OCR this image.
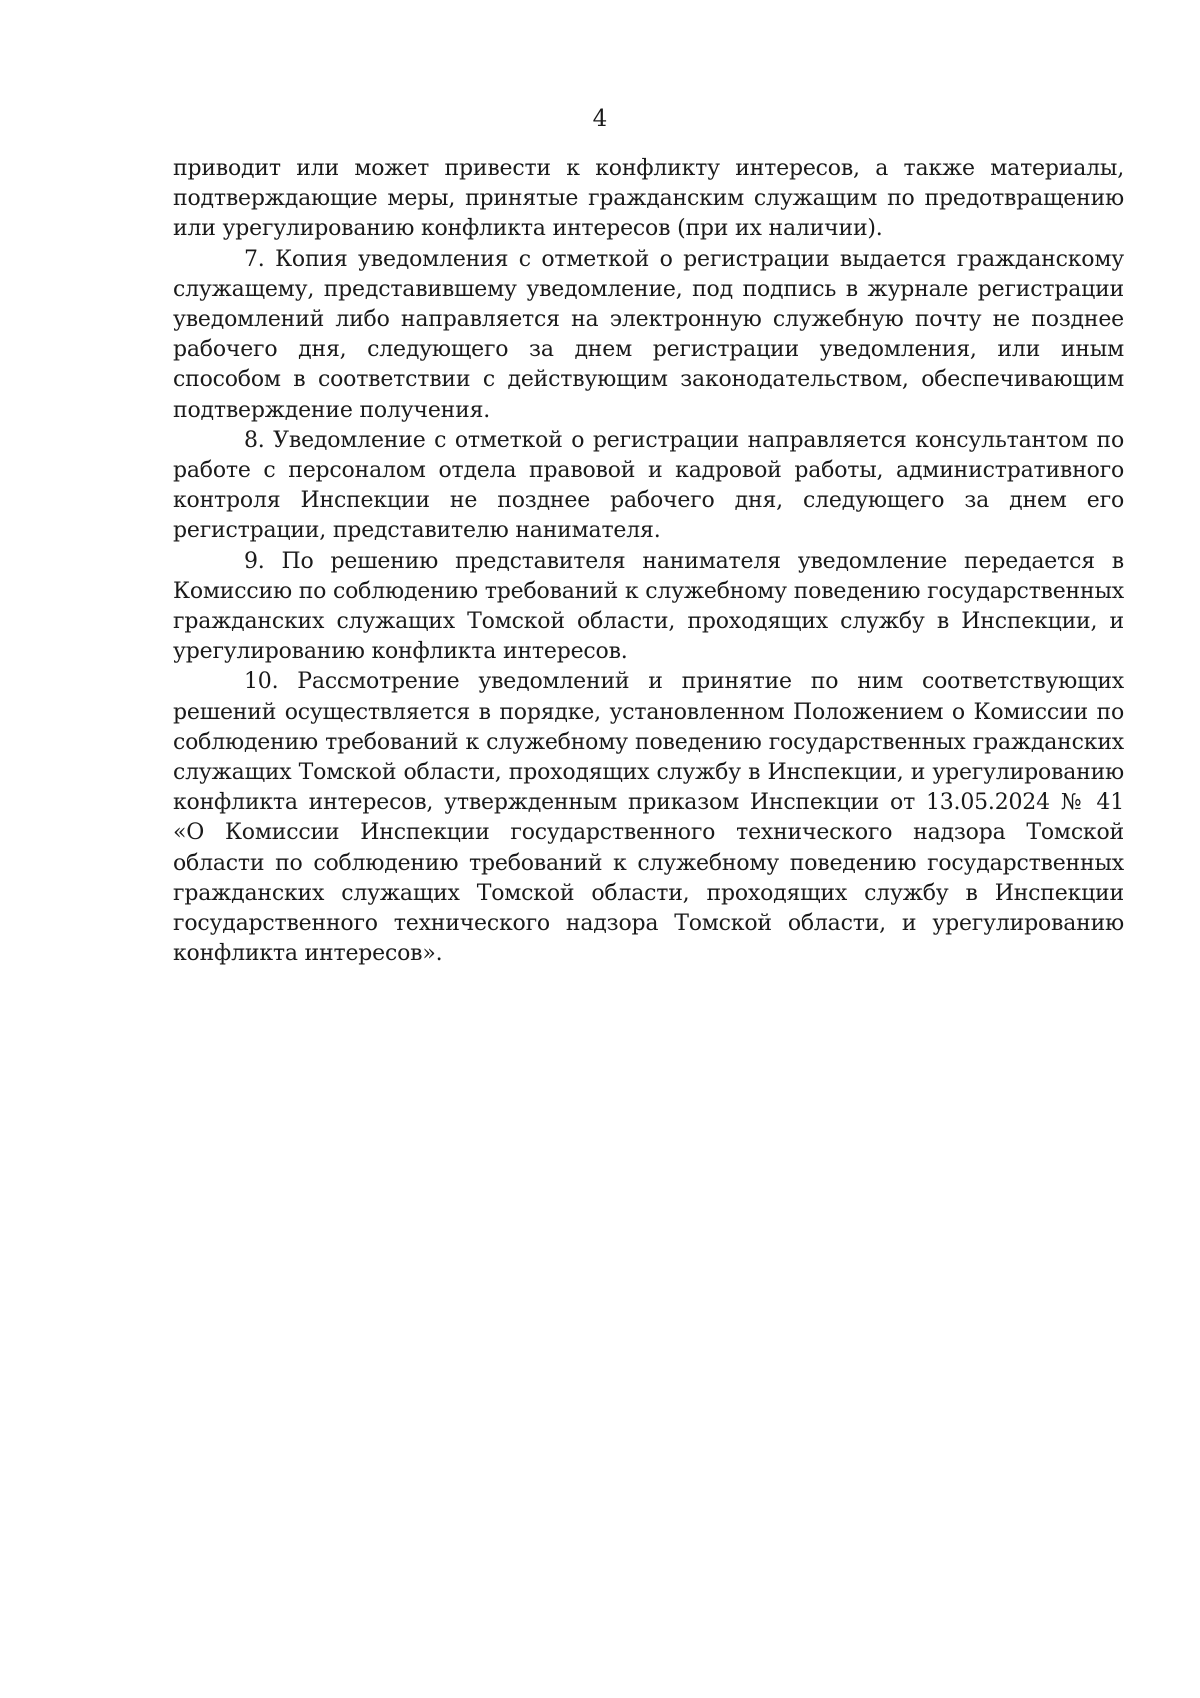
4

приводит или может привести к конфликту интересов, а также материалы, подтверждающие меры, принятые гражданским служащим по предотвращению или урегулированию конфликта интересов (при их наличии).

7. Копия уведомления с отметкой о регистрации выдается гражданскому служащему, представившему уведомление, под подпись в журнале регистрации уведомлений либо направляется на электронную служебную почту не позднее рабочего дня, следующего за днем регистрации уведомления, или иным способом в соответствии с действующим законодательством, обеспечивающим подтверждение получения.

8. Уведомление с отметкой о регистрации направляется консультантом по работе с персоналом отдела правовой и кадровой работы, административного контроля Инспекции не позднее рабочего дня, следующего за днем его регистрации, представителю нанимателя.

9. По решению представителя нанимателя уведомление передается в Комиссию по соблюдению требований к служебному поведению государственных гражданских служащих Томской области, проходящих службу в Инспекции, и урегулированию конфликта интересов.

10. Рассмотрение уведомлений и принятие по ним соответствующих решений осуществляется в порядке, установленном Положением о Комиссии по соблюдению требований к служебному поведению государственных гражданских служащих Томской области, проходящих службу в Инспекции, и урегулированию конфликта интересов, утвержденным приказом Инспекции от 13.05.2024 № 41 «О Комиссии Инспекции государственного технического надзора Томской области по соблюдению требований к служебному поведению государственных гражданских служащих Томской области, проходящих службу в Инспекции государственного технического надзора Томской области, и урегулированию конфликта интересов».
